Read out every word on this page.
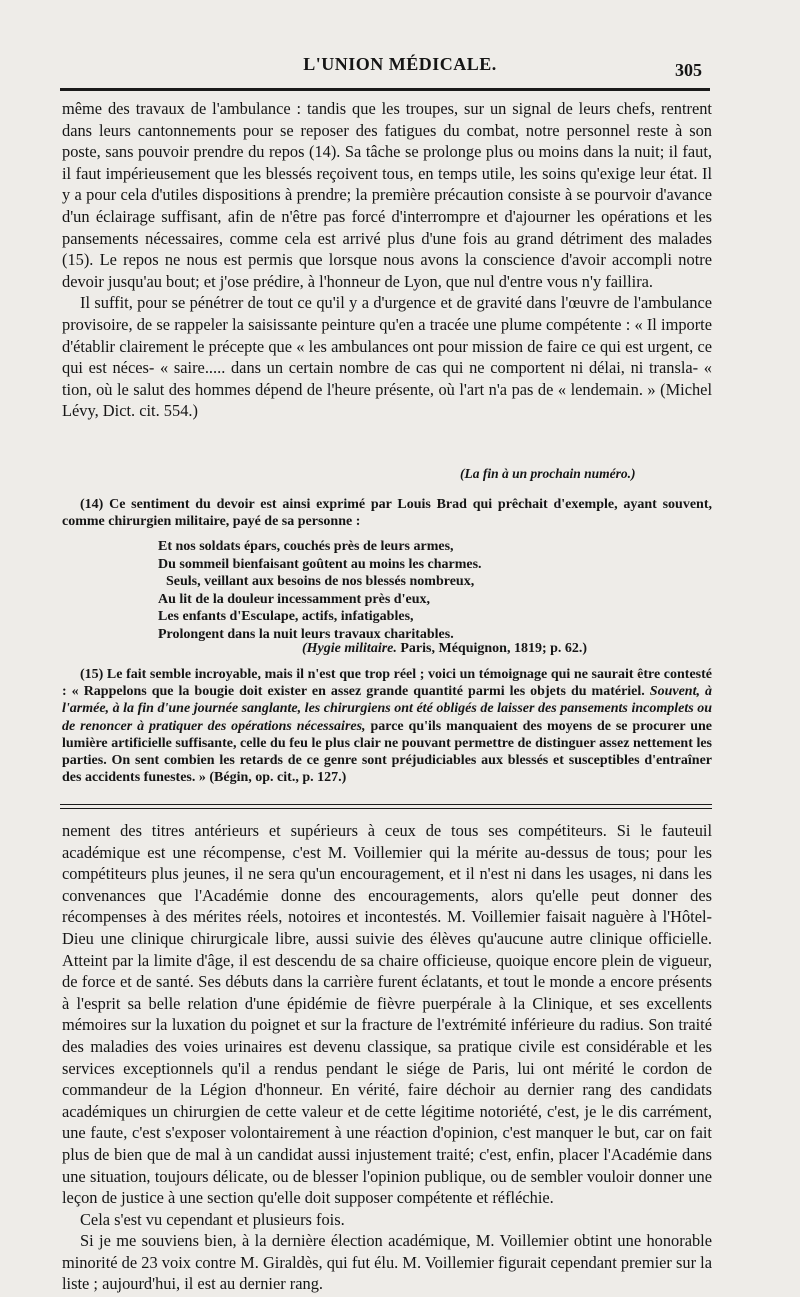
L'UNION MÉDICALE.	305

même des travaux de l'ambulance : tandis que les troupes, sur un signal de leurs chefs, rentrent dans leurs cantonnements pour se reposer des fatigues du combat, notre personnel reste à son poste, sans pouvoir prendre du repos (14). Sa tâche se prolonge plus ou moins dans la nuit; il faut, il faut impérieusement que les blessés reçoivent tous, en temps utile, les soins qu'exige leur état. Il y a pour cela d'utiles dispositions à prendre; la première précaution consiste à se pourvoir d'avance d'un éclairage suffisant, afin de n'être pas forcé d'interrompre et d'ajourner les opérations et les pansements nécessaires, comme cela est arrivé plus d'une fois au grand détriment des malades (15). Le repos ne nous est permis que lorsque nous avons la conscience d'avoir accompli notre devoir jusqu'au bout; et j'ose prédire, à l'honneur de Lyon, que nul d'entre vous n'y faillira.

Il suffit, pour se pénétrer de tout ce qu'il y a d'urgence et de gravité dans l'œuvre de l'ambulance provisoire, de se rappeler la saisissante peinture qu'en a tracée une plume compétente : « Il importe d'établir clairement le précepte que « les ambulances ont pour mission de faire ce qui est urgent, ce qui est néces- « saire..... dans un certain nombre de cas qui ne comportent ni délai, ni transla- « tion, où le salut des hommes dépend de l'heure présente, où l'art n'a pas de « lendemain. » (Michel Lévy, Dict. cit. 554.)

(La fin à un prochain numéro.)

(14) Ce sentiment du devoir est ainsi exprimé par Louis Brad qui prêchait d'exemple, ayant souvent, comme chirurgien militaire, payé de sa personne :

Et nos soldats épars, couchés près de leurs armes,
Du sommeil bienfaisant goûtent au moins les charmes.
Seuls, veillant aux besoins de nos blessés nombreux,
Au lit de la douleur incessamment près d'eux,
Les enfants d'Esculape, actifs, infatigables,
Prolongent dans la nuit leurs travaux charitables.
(Hygie militaire. Paris, Méquignon, 1819; p. 62.)

(15) Le fait semble incroyable, mais il n'est que trop réel ; voici un témoignage qui ne saurait être contesté : « Rappelons que la bougie doit exister en assez grande quantité parmi les objets du matériel. Souvent, à l'armée, à la fin d'une journée sanglante, les chirurgiens ont été obligés de laisser des pansements incomplets ou de renoncer à pratiquer des opérations nécessaires, parce qu'ils manquaient des moyens de se procurer une lumière artificielle suffisante, celle du feu le plus clair ne pouvant permettre de distinguer assez nettement les parties. On sent combien les retards de ce genre sont préjudiciables aux blessés et susceptibles d'entraîner des accidents funestes. » (Bégin, op. cit., p. 127.)

nement des titres antérieurs et supérieurs à ceux de tous ses compétiteurs. Si le fauteuil académique est une récompense, c'est M. Voillemier qui la mérite au-dessus de tous; pour les compétiteurs plus jeunes, il ne sera qu'un encouragement, et il n'est ni dans les usages, ni dans les convenances que l'Académie donne des encouragements, alors qu'elle peut donner des récompenses à des mérites réels, notoires et incontestés. M. Voillemier faisait naguère à l'Hôtel-Dieu une clinique chirurgicale libre, aussi suivie des élèves qu'aucune autre clinique officielle. Atteint par la limite d'âge, il est descendu de sa chaire officieuse, quoique encore plein de vigueur, de force et de santé. Ses débuts dans la carrière furent éclatants, et tout le monde a encore présents à l'esprit sa belle relation d'une épidémie de fièvre puerpérale à la Clinique, et ses excellents mémoires sur la luxation du poignet et sur la fracture de l'extrémité inférieure du radius. Son traité des maladies des voies urinaires est devenu classique, sa pratique civile est considérable et les services exceptionnels qu'il a rendus pendant le siége de Paris, lui ont mérité le cordon de commandeur de la Légion d'honneur. En vérité, faire déchoir au dernier rang des candidats académiques un chirurgien de cette valeur et de cette légitime notoriété, c'est, je le dis carrément, une faute, c'est s'exposer volontairement à une réaction d'opinion, c'est manquer le but, car on fait plus de bien que de mal à un candidat aussi injustement traité; c'est, enfin, placer l'Académie dans une situation, toujours délicate, ou de blesser l'opinion publique, ou de sembler vouloir donner une leçon de justice à une section qu'elle doit supposer compétente et réfléchie.

Cela s'est vu cependant et plusieurs fois.

Si je me souviens bien, à la dernière élection académique, M. Voillemier obtint une honorable minorité de 23 voix contre M. Giraldès, qui fut élu. M. Voillemier figurait cependant premier sur la liste ; aujourd'hui, il est au dernier rang.
